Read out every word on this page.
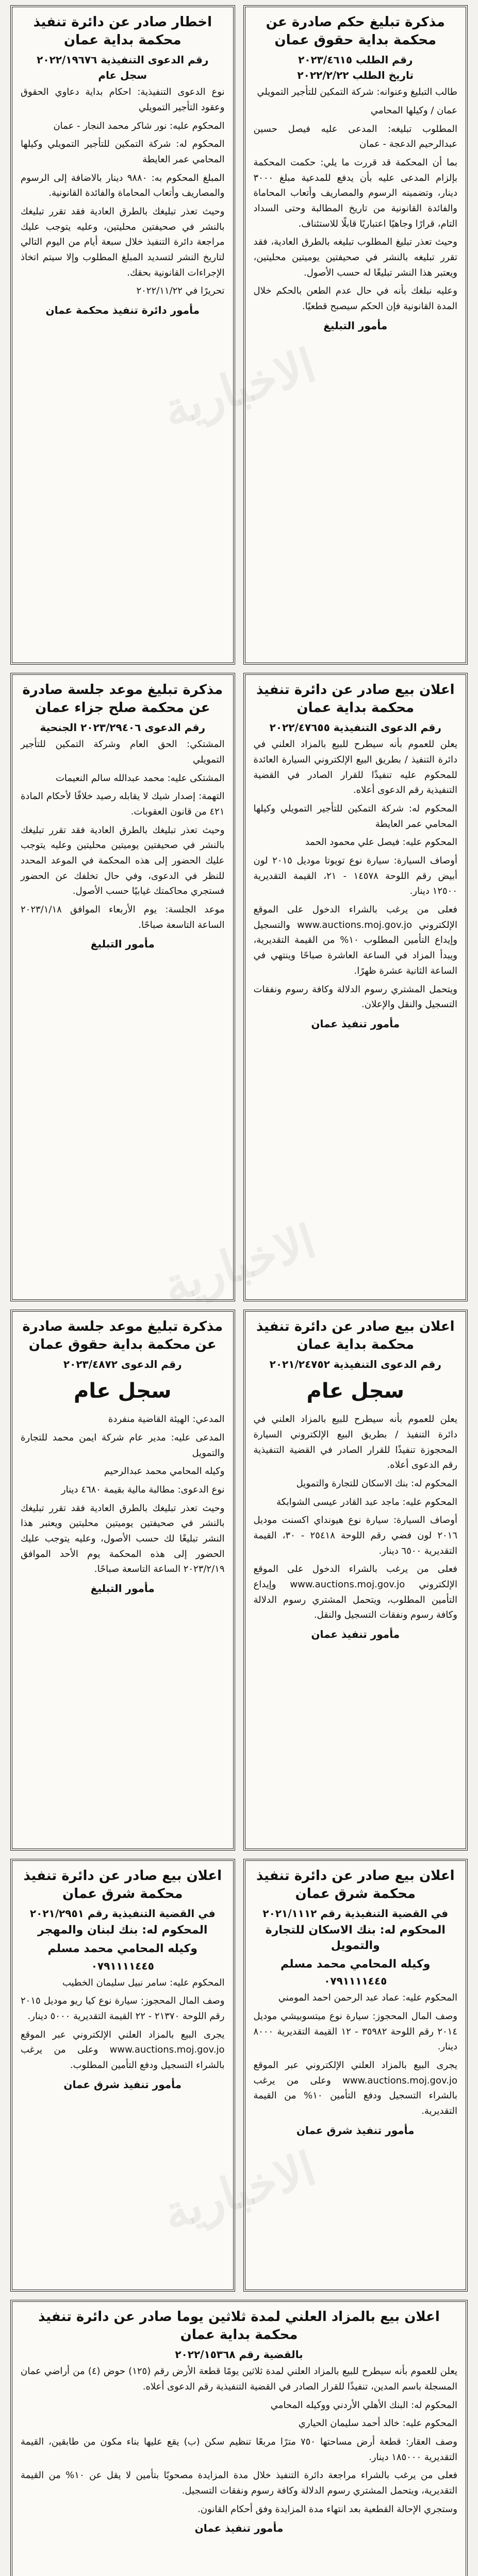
الاخبارية
الاخبارية
الاخبارية
مذكرة تبليغ حكم صادرة عن محكمة بداية حقوق عمان
رقم الطلب ٢٠٢٣/٤٦١٥
تاريخ الطلب ٢٠٢٢/٢/٢٢

طالب التبليغ وعنوانه: شركة التمكين للتأجير التمويلي

عمان / وكيلها المحامي

المطلوب تبليغه: المدعى عليه فيصل حسين عبدالرحيم الدعجة - عمان

بما أن المحكمة قد قررت ما يلي: حكمت المحكمة بإلزام المدعى عليه بأن يدفع للمدعية مبلغ ٣٠٠٠ دينار، وتضمينه الرسوم والمصاريف وأتعاب المحاماة والفائدة القانونية من تاريخ المطالبة وحتى السداد التام، قرارًا وجاهيًا اعتباريًا قابلًا للاستئناف.

وحيث تعذر تبليغ المطلوب تبليغه بالطرق العادية، فقد تقرر تبليغه بالنشر في صحيفتين يوميتين محليتين، ويعتبر هذا النشر تبليغًا له حسب الأصول.

وعليه نبلغك بأنه في حال عدم الطعن بالحكم خلال المدة القانونية فإن الحكم سيصبح قطعيًا.

مأمور التبليغ
اخطار صادر عن دائرة تنفيذ محكمة بداية عمان
رقم الدعوى التنفيذية ٢٠٢٢/١٩٦٧٦
سجل عام

نوع الدعوى التنفيذية: احكام بداية دعاوي الحقوق وعقود التأجير التمويلي

المحكوم عليه: نور شاكر محمد النجار - عمان

المحكوم له: شركة التمكين للتأجير التمويلي وكيلها المحامي عمر العايطة

المبلغ المحكوم به: ٩٨٨٠ دينار بالاضافة إلى الرسوم والمصاريف وأتعاب المحاماة والفائدة القانونية.

وحيث تعذر تبليغك بالطرق العادية فقد تقرر تبليغك بالنشر في صحيفتين محليتين، وعليه يتوجب عليك مراجعة دائرة التنفيذ خلال سبعة أيام من اليوم التالي لتاريخ النشر لتسديد المبلغ المطلوب وإلا سيتم اتخاذ الإجراءات القانونية بحقك.

تحريرًا في ٢٠٢٢/١١/٢٢

مأمور دائرة تنفيذ محكمة عمان
اعلان بيع صادر عن دائرة تنفيذ محكمة بداية عمان
رقم الدعوى التنفيذية ٢٠٢٢/٤٧٦٥٥

يعلن للعموم بأنه سيطرح للبيع بالمزاد العلني في دائرة التنفيذ / بطريق البيع الإلكتروني السيارة العائدة للمحكوم عليه تنفيذًا للقرار الصادر في القضية التنفيذية رقم الدعوى أعلاه.

المحكوم له: شركة التمكين للتأجير التمويلي وكيلها المحامي عمر العايطة

المحكوم عليه: فيصل علي محمود الحمد

أوصاف السيارة: سيارة نوع تويوتا موديل ٢٠١٥ لون أبيض رقم اللوحة ١٤٥٧٨ - ٢١، القيمة التقديرية ١٢٥٠٠ دينار.

فعلى من يرغب بالشراء الدخول على الموقع الإلكتروني www.auctions.moj.gov.jo والتسجيل وإيداع التأمين المطلوب ١٠% من القيمة التقديرية، ويبدأ المزاد في الساعة العاشرة صباحًا وينتهي في الساعة الثانية عشرة ظهرًا.

ويتحمل المشتري رسوم الدلالة وكافة رسوم ونفقات التسجيل والنقل والإعلان.

مأمور تنفيذ عمان
مذكرة تبليغ موعد جلسة صادرة عن محكمة صلح جزاء عمان
رقم الدعوى ٢٠٢٣/٢٩٤٠٦ الجنحية

المشتكي: الحق العام وشركة التمكين للتأجير التمويلي

المشتكى عليه: محمد عبدالله سالم النعيمات

التهمة: إصدار شيك لا يقابله رصيد خلافًا لأحكام المادة ٤٢١ من قانون العقوبات.

وحيث تعذر تبليغك بالطرق العادية فقد تقرر تبليغك بالنشر في صحيفتين يوميتين محليتين وعليه يتوجب عليك الحضور إلى هذه المحكمة في الموعد المحدد للنظر في الدعوى، وفي حال تخلفك عن الحضور فستجري محاكمتك غيابيًا حسب الأصول.

موعد الجلسة: يوم الأربعاء الموافق ٢٠٢٣/١/١٨ الساعة التاسعة صباحًا.

مأمور التبليغ
اعلان بيع صادر عن دائرة تنفيذ محكمة بداية عمان
رقم الدعوى التنفيذية ٢٠٢١/٢٤٧٥٢
سجل عام

يعلن للعموم بأنه سيطرح للبيع بالمزاد العلني في دائرة التنفيذ / بطريق البيع الإلكتروني السيارة المحجوزة تنفيذًا للقرار الصادر في القضية التنفيذية رقم الدعوى أعلاه.

المحكوم له: بنك الاسكان للتجارة والتمويل

المحكوم عليه: ماجد عبد القادر عيسى الشوابكة

أوصاف السيارة: سيارة نوع هيونداي اكسنت موديل ٢٠١٦ لون فضي رقم اللوحة ٢٥٤١٨ - ٣٠، القيمة التقديرية ٦٥٠٠ دينار.

فعلى من يرغب بالشراء الدخول على الموقع الإلكتروني www.auctions.moj.gov.jo وإيداع التأمين المطلوب، ويتحمل المشتري رسوم الدلالة وكافة رسوم ونفقات التسجيل والنقل.

مأمور تنفيذ عمان
مذكرة تبليغ موعد جلسة صادرة عن محكمة بداية حقوق عمان
رقم الدعوى ٢٠٢٣/٤٨٧٢
سجل عام

المدعي: الهيئة القاضية منفردة

المدعى عليه: مدير عام شركة ايمن محمد للتجارة والتمويل

وكيله المحامي محمد عبدالرحيم

نوع الدعوى: مطالبة مالية بقيمة ٤٦٨٠ دينار

وحيث تعذر تبليغك بالطرق العادية فقد تقرر تبليغك بالنشر في صحيفتين يوميتين محليتين ويعتبر هذا النشر تبليغًا لك حسب الأصول، وعليه يتوجب عليك الحضور إلى هذه المحكمة يوم الأحد الموافق ٢٠٢٣/٢/١٩ الساعة التاسعة صباحًا.

مأمور التبليغ
اعلان بيع صادر عن دائرة تنفيذ محكمة شرق عمان
في القضية التنفيذية رقم ٢٠٢١/١١١٢
المحكوم له: بنك الاسكان للتجارة والتمويل
وكيله المحامي محمد مسلم
٠٧٩١١١١٤٤٥

المحكوم عليه: عماد عبد الرحمن احمد المومني

وصف المال المحجوز: سيارة نوع ميتسوبيشي موديل ٢٠١٤ رقم اللوحة ٣٥٩٨٢ - ١٢ القيمة التقديرية ٨٠٠٠ دينار.

يجرى البيع بالمزاد العلني الإلكتروني عبر الموقع www.auctions.moj.gov.jo وعلى من يرغب بالشراء التسجيل ودفع التأمين ١٠% من القيمة التقديرية.

مأمور تنفيذ شرق عمان
اعلان بيع صادر عن دائرة تنفيذ محكمة شرق عمان
في القضية التنفيذية رقم ٢٠٢١/٢٩٥١
المحكوم له: بنك لبنان والمهجر
وكيله المحامي محمد مسلم
٠٧٩١١١١٤٤٥

المحكوم عليه: سامر نبيل سليمان الخطيب

وصف المال المحجوز: سيارة نوع كيا ريو موديل ٢٠١٥ رقم اللوحة ٢١٣٧٠ - ٢٢ القيمة التقديرية ٥٠٠٠ دينار.

يجرى البيع بالمزاد العلني الإلكتروني عبر الموقع www.auctions.moj.gov.jo وعلى من يرغب بالشراء التسجيل ودفع التأمين المطلوب.

مأمور تنفيذ شرق عمان
اعلان بيع بالمزاد العلني لمدة ثلاثين يوما صادر عن دائرة تنفيذ محكمة بداية عمان
بالقضية رقم ٢٠٢٢/١٥٣٦٨

يعلن للعموم بأنه سيطرح للبيع بالمزاد العلني لمدة ثلاثين يومًا قطعة الأرض رقم (١٢٥) حوض (٤) من أراضي عمان المسجلة باسم المدين، تنفيذًا للقرار الصادر في القضية التنفيذية رقم الدعوى أعلاه.

المحكوم له: البنك الأهلي الأردني ووكيله المحامي

المحكوم عليه: خالد أحمد سليمان الحياري

وصف العقار: قطعة أرض مساحتها ٧٥٠ مترًا مربعًا تنظيم سكن (ب) يقع عليها بناء مكون من طابقين، القيمة التقديرية ١٨٥٠٠٠ دينار.

فعلى من يرغب بالشراء مراجعة دائرة التنفيذ خلال مدة المزايدة مصحوبًا بتأمين لا يقل عن ١٠% من القيمة التقديرية، ويتحمل المشتري رسوم الدلالة وكافة رسوم ونفقات التسجيل.

وستجري الإحالة القطعية بعد انتهاء مدة المزايدة وفق أحكام القانون.

مأمور تنفيذ عمان
